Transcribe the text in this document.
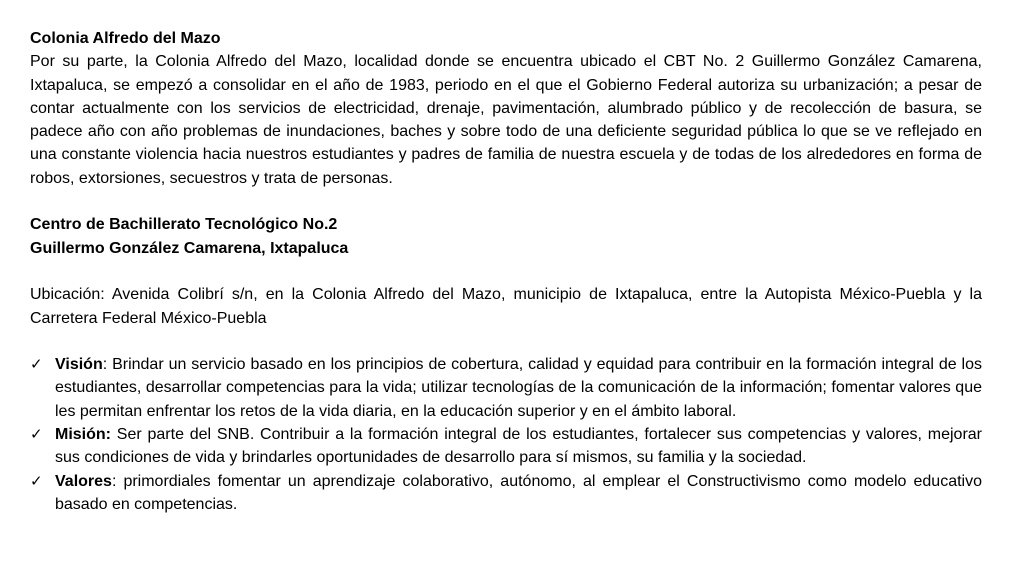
Colonia Alfredo del Mazo

Por su parte, la Colonia Alfredo del Mazo, localidad donde se encuentra ubicado el CBT No. 2 Guillermo González Camarena, Ixtapaluca, se empezó a consolidar en el año de 1983, periodo en el que el Gobierno Federal autoriza su urbanización; a pesar de contar actualmente con los servicios de electricidad, drenaje, pavimentación, alumbrado público y de recolección de basura, se padece año con año problemas de inundaciones, baches y sobre todo de una deficiente seguridad pública lo que se ve reflejado en una constante violencia hacia nuestros estudiantes y padres de familia de nuestra escuela y de todas de los alrededores en forma de robos, extorsiones, secuestros y trata de personas.

Centro de Bachillerato Tecnológico No.2

Guillermo González Camarena, Ixtapaluca

Ubicación: Avenida Colibrí s/n, en la Colonia Alfredo del Mazo, municipio de Ixtapaluca, entre la Autopista México-Puebla y la Carretera Federal México-Puebla

✓ Visión: Brindar un servicio basado en los principios de cobertura, calidad y equidad para contribuir en la formación integral de los estudiantes, desarrollar competencias para la vida; utilizar tecnologías de la comunicación de la información; fomentar valores que les permitan enfrentar los retos de la vida diaria, en la educación superior y en el ámbito laboral.
✓ Misión: Ser parte del SNB. Contribuir a la formación integral de los estudiantes, fortalecer sus competencias y valores, mejorar sus condiciones de vida y brindarles oportunidades de desarrollo para sí mismos, su familia y la sociedad.
✓ Valores: primordiales fomentar un aprendizaje colaborativo, autónomo, al emplear el Constructivismo como modelo educativo basado en competencias.
